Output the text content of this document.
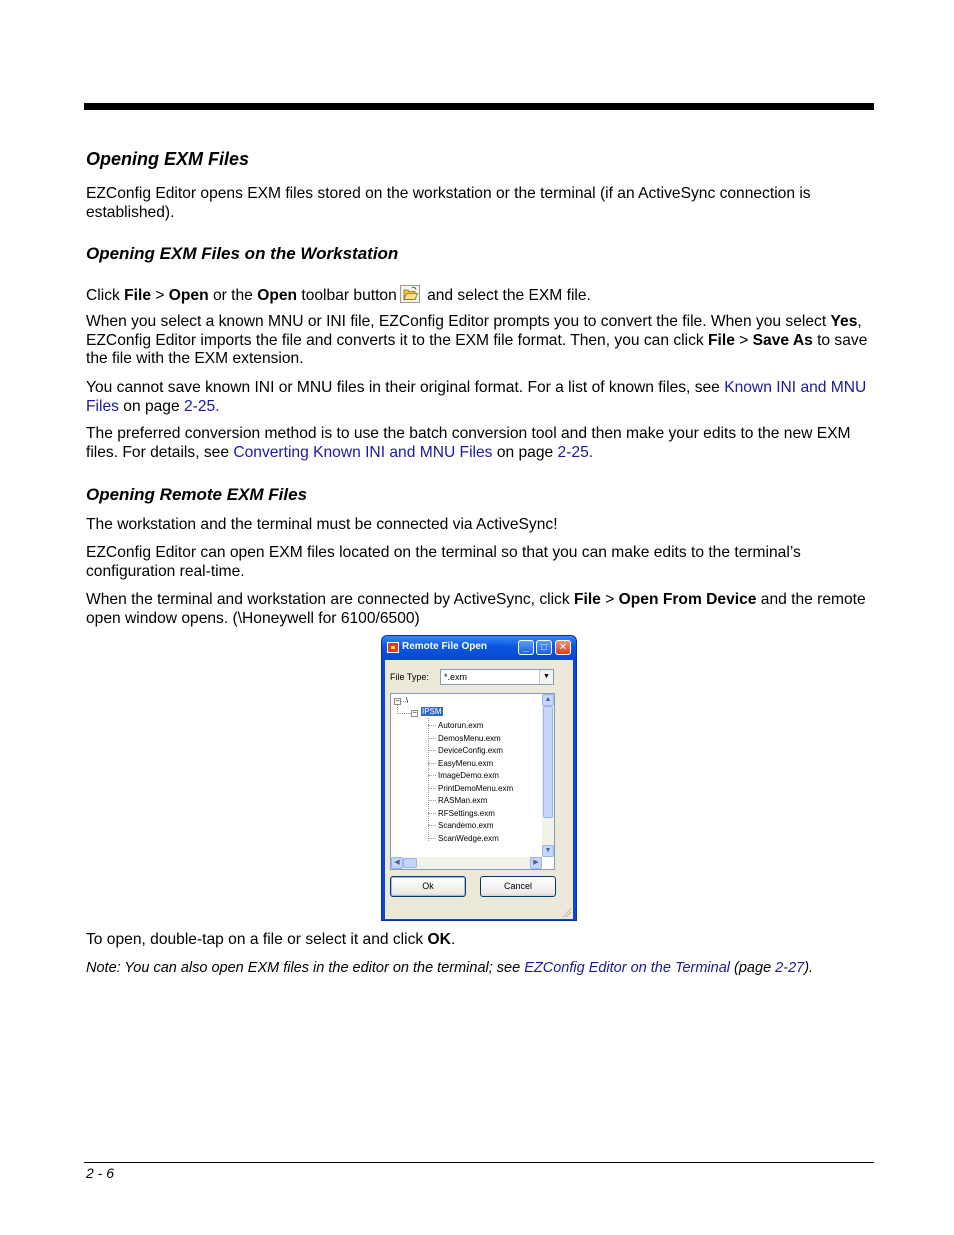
Opening EXM Files

EZConfig Editor opens EXM files stored on the workstation or the terminal (if an ActiveSync connection is established).

Opening EXM Files on the Workstation

Click File > Open or the Open toolbar button and select the EXM file.

When you select a known MNU or INI file, EZConfig Editor prompts you to convert the file. When you select Yes, EZConfig Editor imports the file and converts it to the EXM file format. Then, you can click File > Save As to save the file with the EXM extension.

You cannot save known INI or MNU files in their original format. For a list of known files, see Known INI and MNU Files on page 2-25.

The preferred conversion method is to use the batch conversion tool and then make your edits to the new EXM files. For details, see Converting Known INI and MNU Files on page 2-25.

Opening Remote EXM Files

The workstation and the terminal must be connected via ActiveSync!

EZConfig Editor can open EXM files located on the terminal so that you can make edits to the terminal’s configuration real-time.

When the terminal and workstation are connected by ActiveSync, click File > Open From Device and the remote open window opens. (\Honeywell for 6100/6500)

To open, double-tap on a file or select it and click OK.

Note: You can also open EXM files in the editor on the terminal; see EZConfig Editor on the Terminal (page 2-27).

Remote File Open	_	□	✕
File Type: *.exm	▼
− \
− IPSM
Autorun.exm
DemosMenu.exm
DeviceConfig.exm
EasyMenu.exm
ImageDemo.exm
PrintDemoMenu.exm
RASMan.exm
RFSettings.exm
Scandemo.exm
ScanWedge.exm
▲
▼
◀	▶
Ok	Cancel
2 - 6
